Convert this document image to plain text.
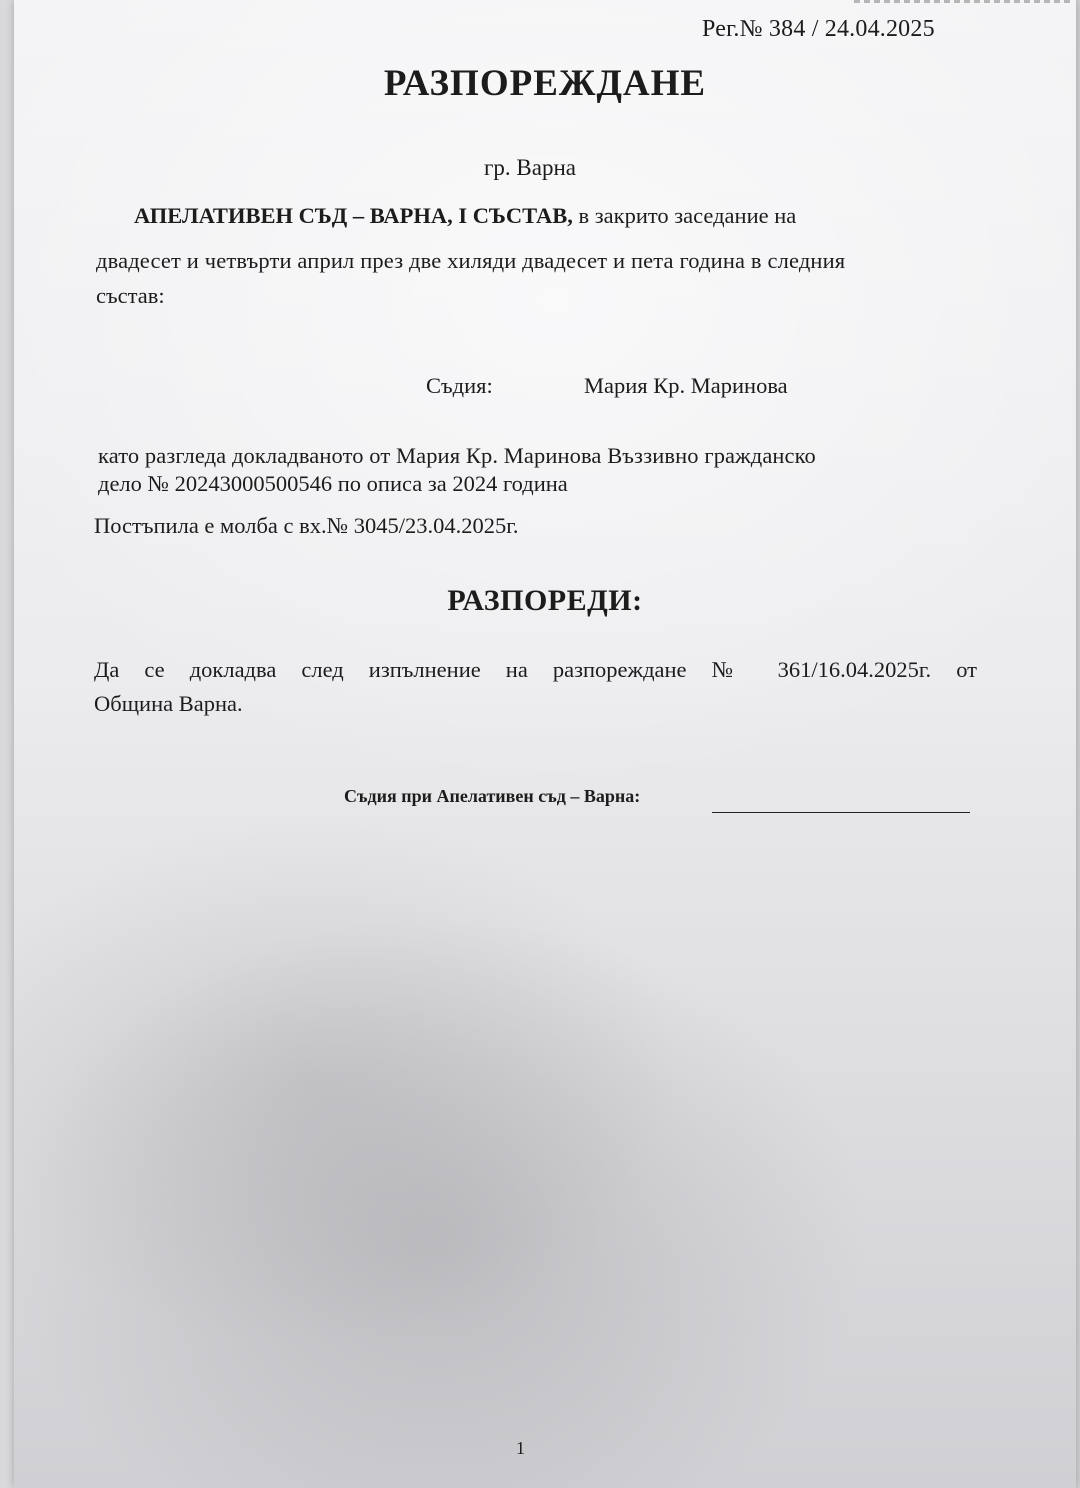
Рег.№ 384 / 24.04.2025
РАЗПОРЕЖДАНЕ
гр. Варна
АПЕЛАТИВЕН СЪД – ВАРНА, I СЪСТАВ, в закрито заседание на
двадесет и четвърти април през две хиляди двадесет и пета година в следния
състав:
Съдия:	Мария Кр. Маринова
като разгледа докладваното от Мария Кр. Маринова Въззивно гражданско
дело № 20243000500546 по описа за 2024 година
Постъпила е молба с вх.№ 3045/23.04.2025г.
РАЗПОРЕДИ:
Да се докладва след изпълнение на разпореждане № 361/16.04.2025г. от
Община Варна.
Съдия при Апелативен съд – Варна:
1
